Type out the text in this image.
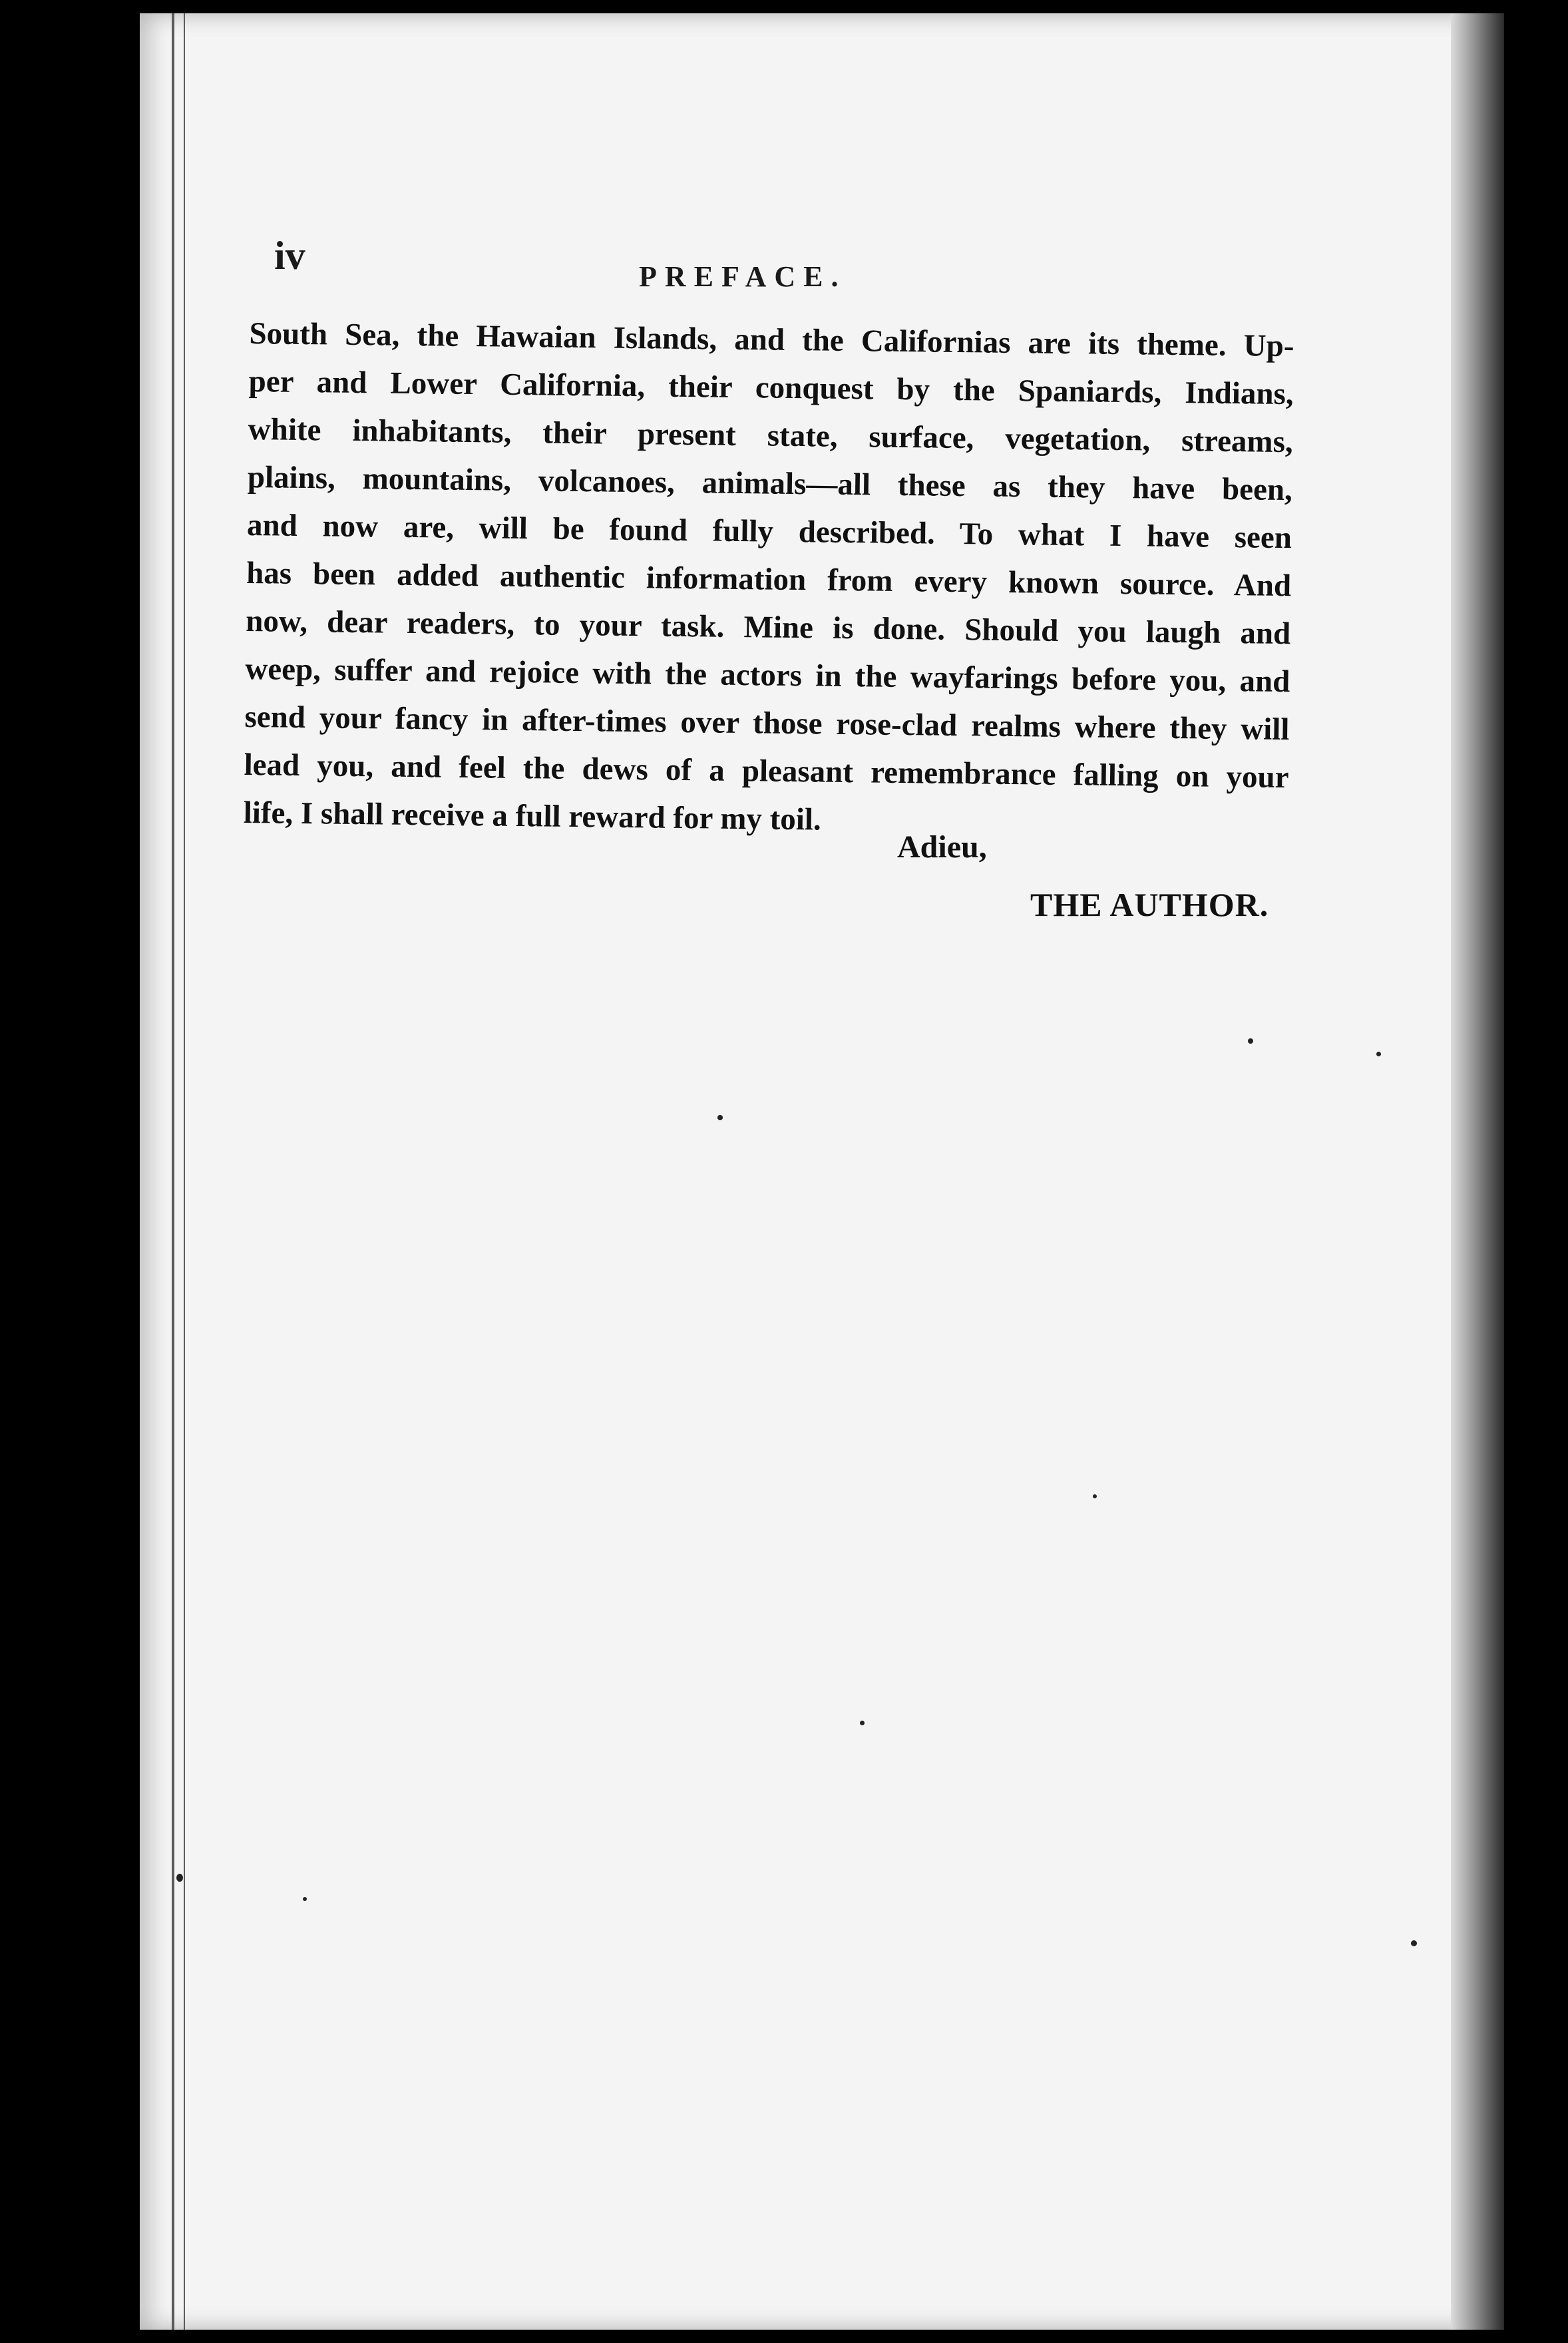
iv	PREFACE.
South Sea, the Hawaian Islands, and the Californias are its theme. Up-
per and Lower California, their conquest by the Spaniards, Indians,
white inhabitants, their present state, surface, vegetation, streams,
plains, mountains, volcanoes, animals—all these as they have been,
and now are, will be found fully described. To what I have seen
has been added authentic information from every known source. And
now, dear readers, to your task. Mine is done. Should you laugh and
weep, suffer and rejoice with the actors in the wayfarings before you, and
send your fancy in after-times over those rose-clad realms where they will
lead you, and feel the dews of a pleasant remembrance falling on your
life, I shall receive a full reward for my toil.
Adieu,
THE AUTHOR.
